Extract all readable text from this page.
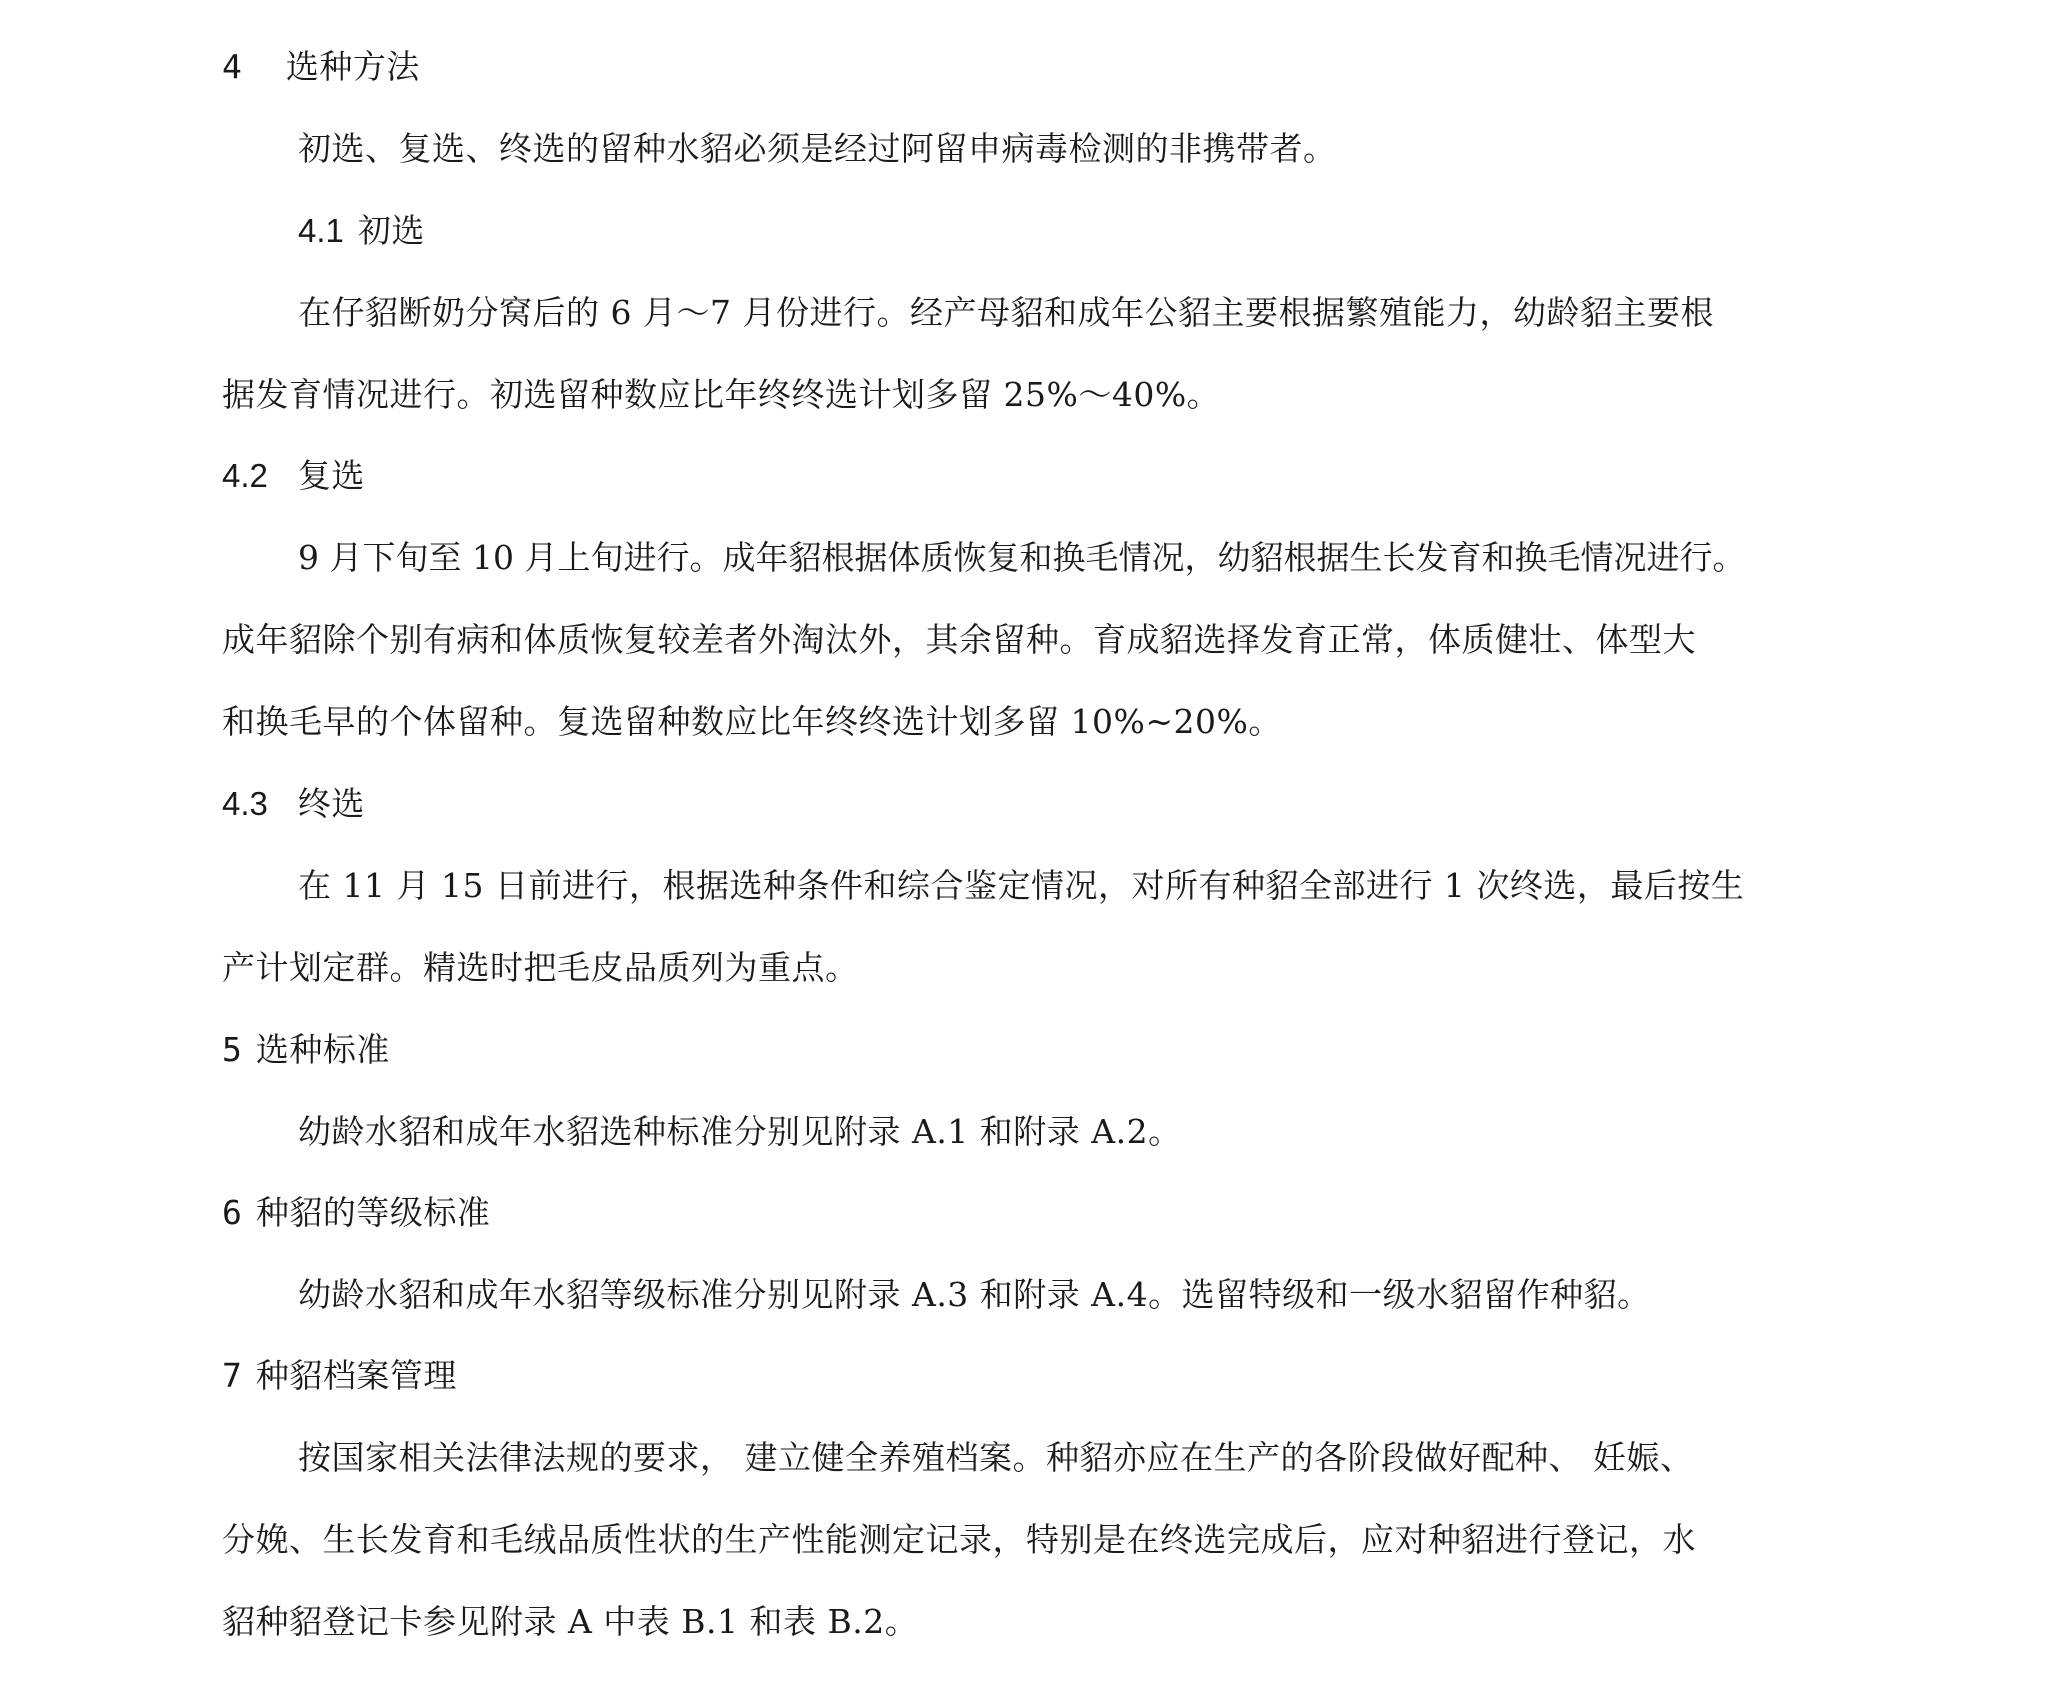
4 选种方法
初选、复选、终选的留种水貂必须是经过阿留申病毒检测的非携带者。
4.1 初选
在仔貂断奶分窝后的 6 月～7 月份进行。经产母貂和成年公貂主要根据繁殖能力，幼龄貂主要根
据发育情况进行。初选留种数应比年终终选计划多留 25%～40%。
4.2 复选
9 月下旬至 10 月上旬进行。成年貂根据体质恢复和换毛情况，幼貂根据生长发育和换毛情况进行。
成年貂除个别有病和体质恢复较差者外淘汰外，其余留种。育成貂选择发育正常，体质健壮、体型大
和换毛早的个体留种。复选留种数应比年终终选计划多留 10%~20%。
4.3 终选
在 11 月 15 日前进行，根据选种条件和综合鉴定情况，对所有种貂全部进行 1 次终选，最后按生
产计划定群。精选时把毛皮品质列为重点。
5 选种标准
幼龄水貂和成年水貂选种标准分别见附录 A.1 和附录 A.2。
6 种貂的等级标准
幼龄水貂和成年水貂等级标准分别见附录 A.3 和附录 A.4。选留特级和一级水貂留作种貂。
7 种貂档案管理
按国家相关法律法规的要求， 建立健全养殖档案。种貂亦应在生产的各阶段做好配种、 妊娠、
分娩、生长发育和毛绒品质性状的生产性能测定记录，特别是在终选完成后，应对种貂进行登记，水
貂种貂登记卡参见附录 A 中表 B.1 和表 B.2。
